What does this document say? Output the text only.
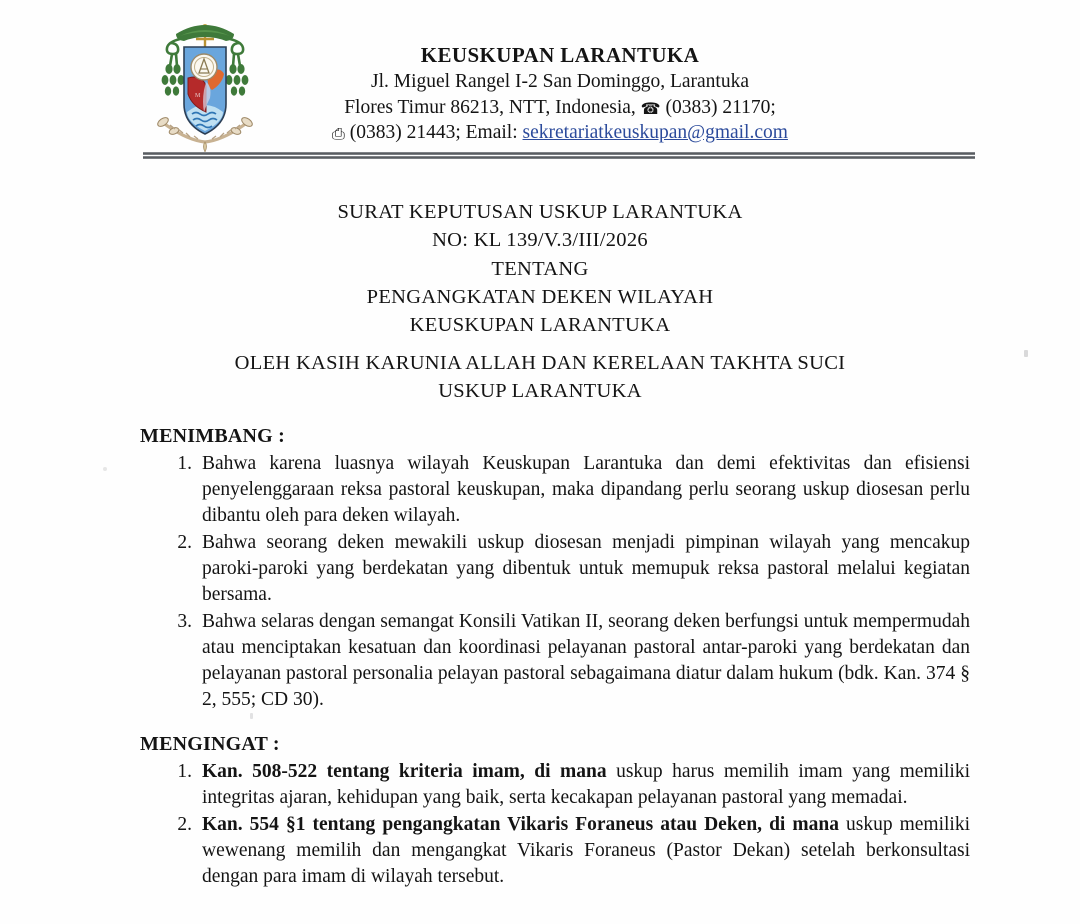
M
KEUSKUPAN LARANTUKA
Jl. Miguel Rangel I-2 San Dominggo, Larantuka
Flores Timur 86213, NTT, Indonesia, ☎ (0383) 21170;
⎙ (0383) 21443; Email: sekretariatkeuskupan@gmail.com
SURAT KEPUTUSAN USKUP LARANTUKA
NO: KL 139/V.3/III/2026
TENTANG
PENGANGKATAN DEKEN WILAYAH
KEUSKUPAN LARANTUKA
OLEH KASIH KARUNIA ALLAH DAN KERELAAN TAKHTA SUCI
USKUP LARANTUKA
MENIMBANG :
1. Bahwa karena luasnya wilayah Keuskupan Larantuka dan demi efektivitas dan efisiensi penyelenggaraan reksa pastoral keuskupan, maka dipandang perlu seorang uskup diosesan perlu dibantu oleh para deken wilayah.
2. Bahwa seorang deken mewakili uskup diosesan menjadi pimpinan wilayah yang mencakup paroki-paroki yang berdekatan yang dibentuk untuk memupuk reksa pastoral melalui kegiatan bersama.
3. Bahwa selaras dengan semangat Konsili Vatikan II, seorang deken berfungsi untuk mempermudah atau menciptakan kesatuan dan koordinasi pelayanan pastoral antar-paroki yang berdekatan dan pelayanan pastoral personalia pelayan pastoral sebagaimana diatur dalam hukum (bdk. Kan. 374 § 2, 555; CD 30).
MENGINGAT :
1. Kan. 508-522 tentang kriteria imam, di mana uskup harus memilih imam yang memiliki integritas ajaran, kehidupan yang baik, serta kecakapan pelayanan pastoral yang memadai.
2. Kan. 554 §1 tentang pengangkatan Vikaris Foraneus atau Deken, di mana uskup memiliki wewenang memilih dan mengangkat Vikaris Foraneus (Pastor Dekan) setelah berkonsultasi dengan para imam di wilayah tersebut.
